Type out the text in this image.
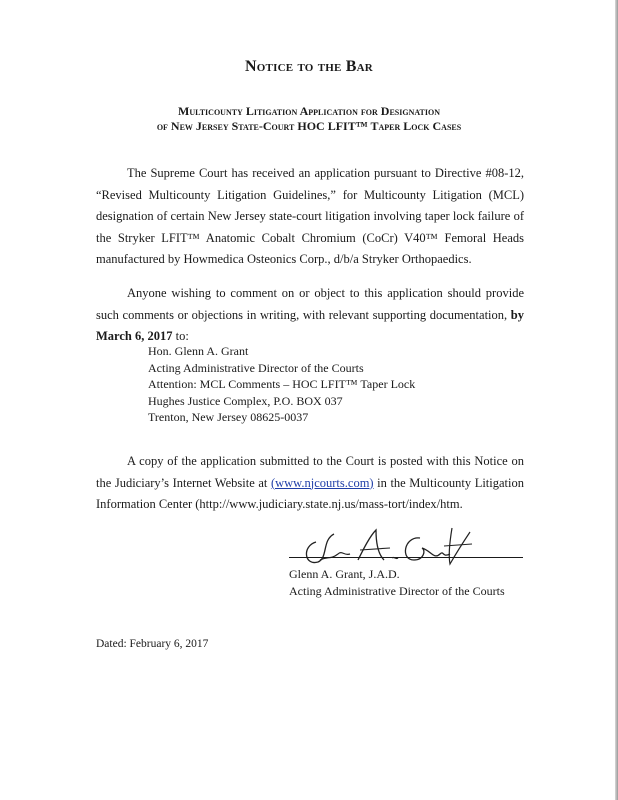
Notice to the Bar
Multicounty Litigation Application for Designation
of New Jersey State-Court HOC LFIT™ Taper Lock Cases
The Supreme Court has received an application pursuant to Directive #08-12, “Revised Multicounty Litigation Guidelines,” for Multicounty Litigation (MCL) designation of certain New Jersey state-court litigation involving taper lock failure of the Stryker LFIT™ Anatomic Cobalt Chromium (CoCr) V40™ Femoral Heads manufactured by Howmedica Osteonics Corp., d/b/a Stryker Orthopaedics.
Anyone wishing to comment on or object to this application should provide such comments or objections in writing, with relevant supporting documentation, by March 6, 2017 to:
Hon. Glenn A. Grant
Acting Administrative Director of the Courts
Attention: MCL Comments – HOC LFIT™ Taper Lock
Hughes Justice Complex, P.O. BOX 037
Trenton, New Jersey 08625-0037
A copy of the application submitted to the Court is posted with this Notice on the Judiciary’s Internet Website at (www.njcourts.com) in the Multicounty Litigation Information Center (http://www.judiciary.state.nj.us/mass-tort/index/htm.
Glenn A. Grant, J.A.D.
Acting Administrative Director of the Courts
Dated: February 6, 2017
